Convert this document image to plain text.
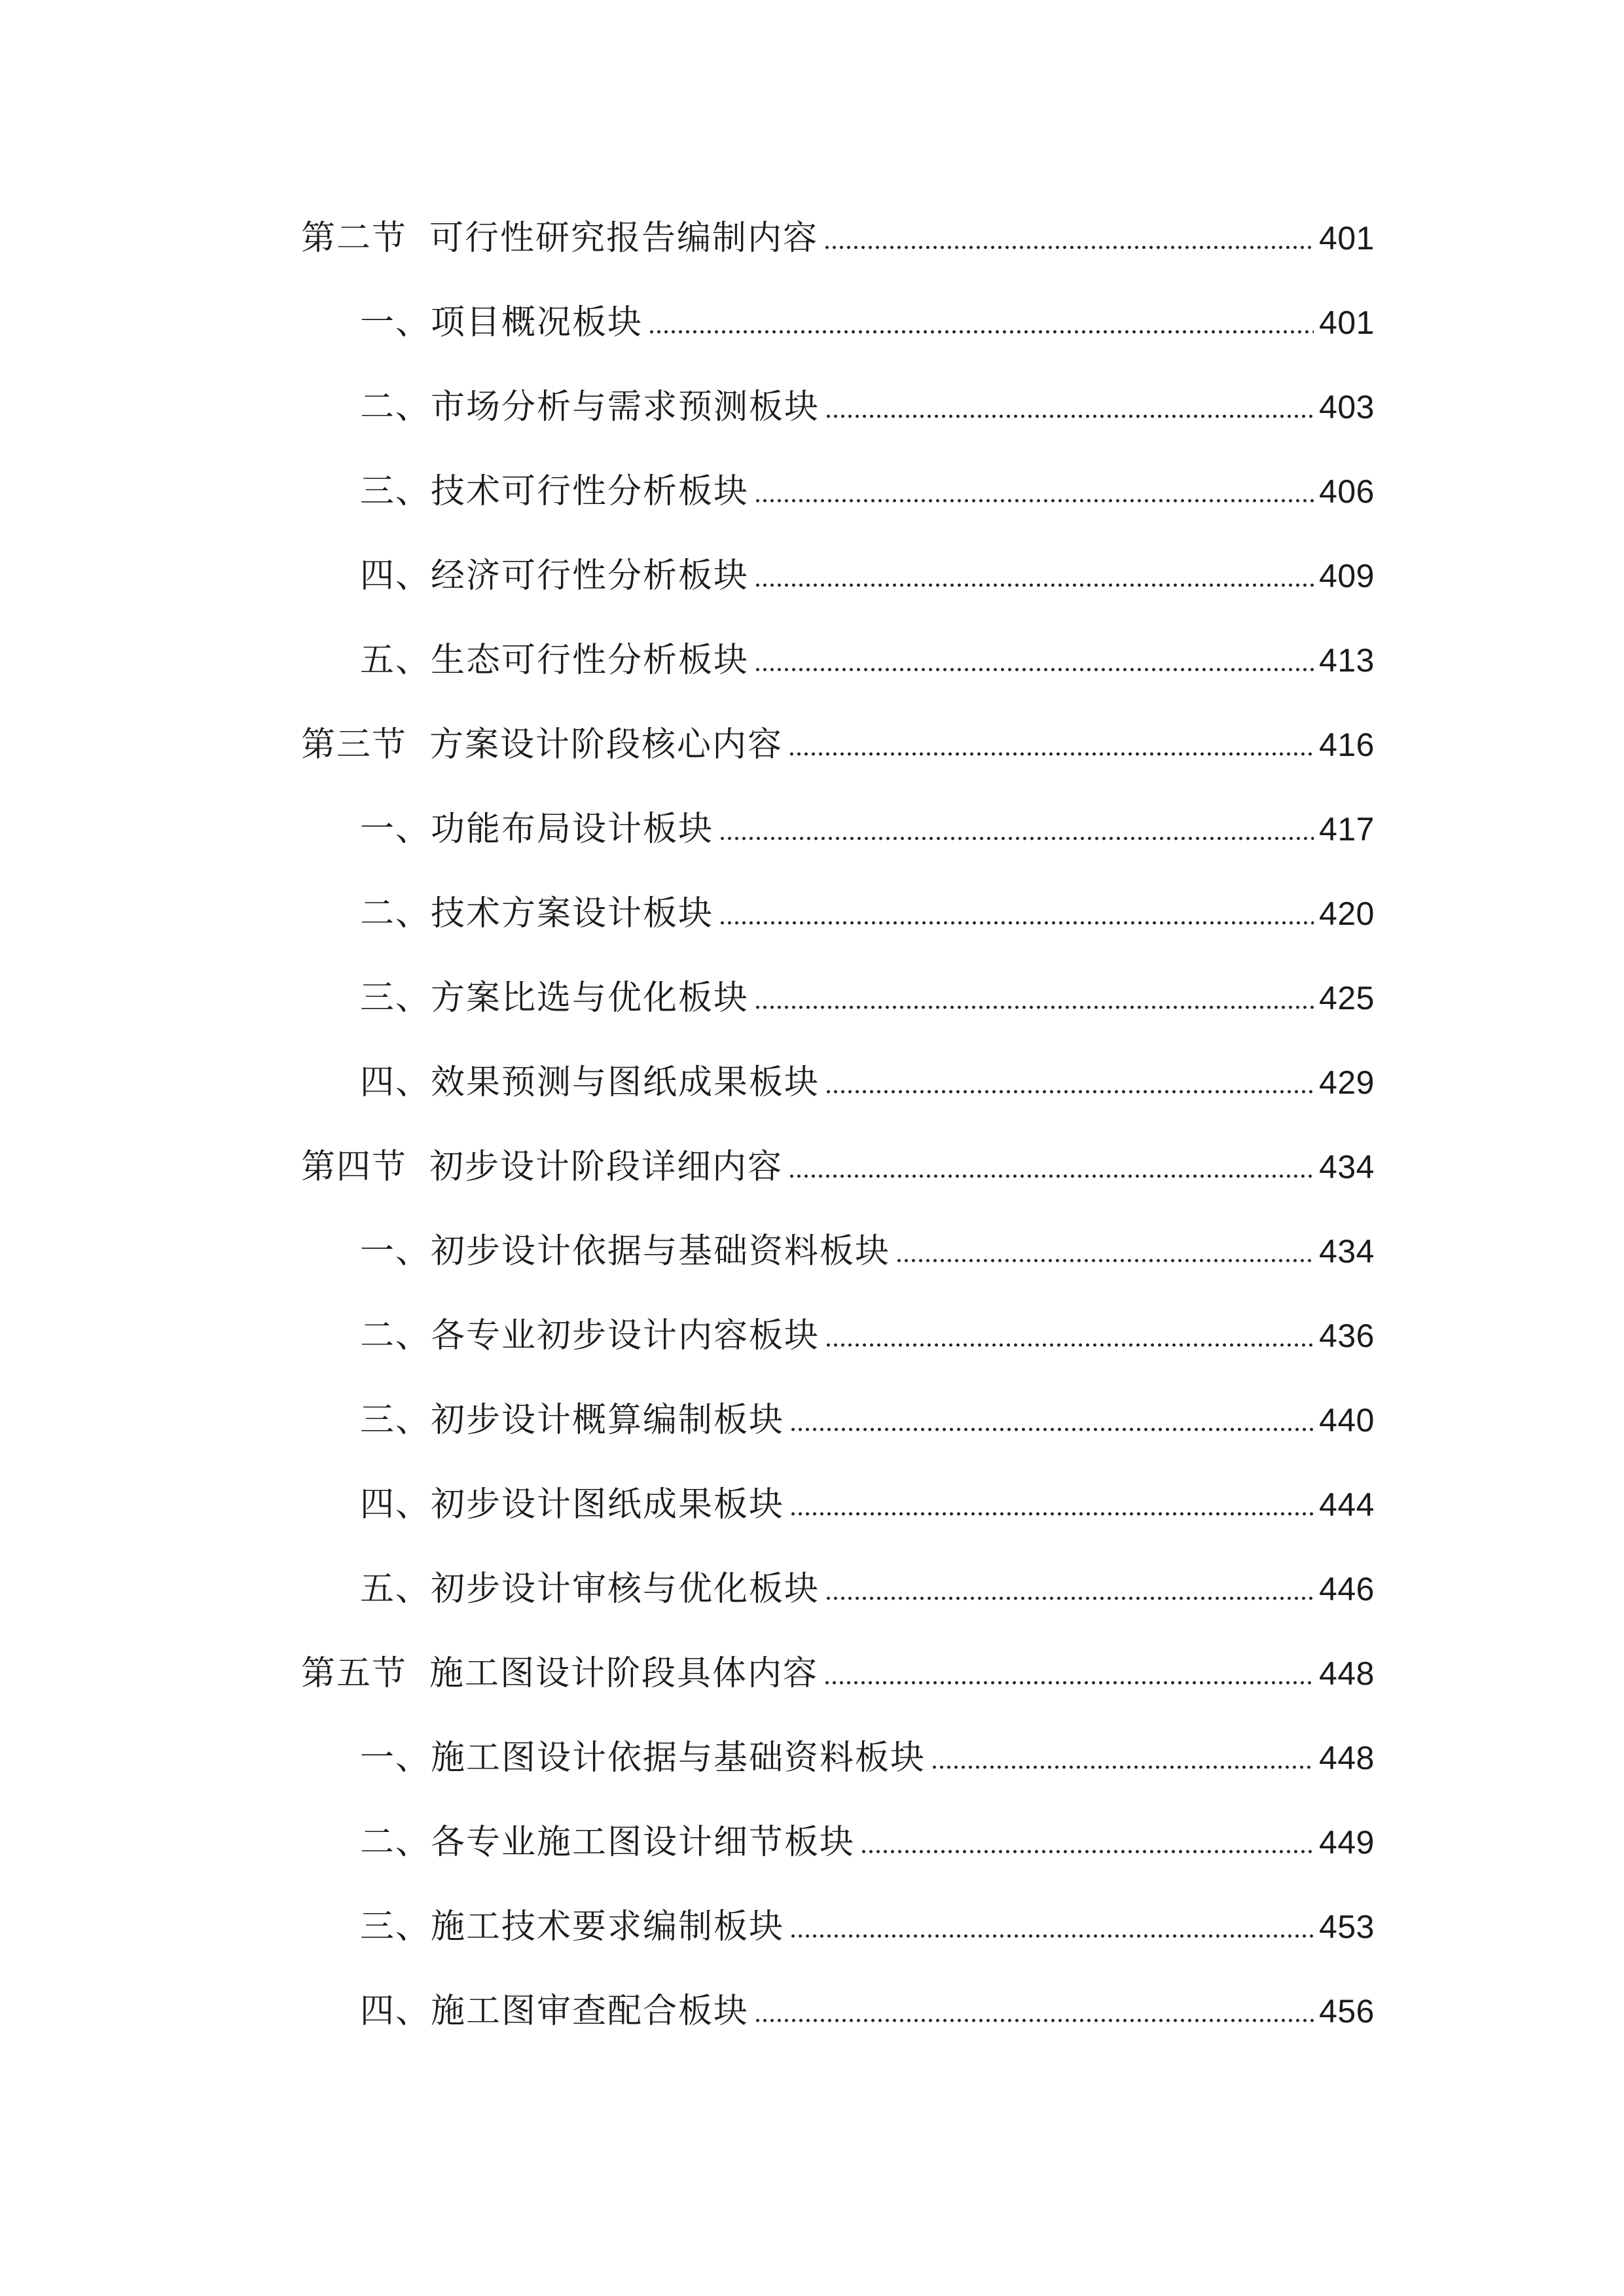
第二节 可行性研究报告编制内容	401
一、项目概况板块	401
二、市场分析与需求预测板块	403
三、技术可行性分析板块	406
四、经济可行性分析板块	409
五、生态可行性分析板块	413
第三节 方案设计阶段核心内容	416
一、功能布局设计板块	417
二、技术方案设计板块	420
三、方案比选与优化板块	425
四、效果预测与图纸成果板块	429
第四节 初步设计阶段详细内容	434
一、初步设计依据与基础资料板块	434
二、各专业初步设计内容板块	436
三、初步设计概算编制板块	440
四、初步设计图纸成果板块	444
五、初步设计审核与优化板块	446
第五节 施工图设计阶段具体内容	448
一、施工图设计依据与基础资料板块	448
二、各专业施工图设计细节板块	449
三、施工技术要求编制板块	453
四、施工图审查配合板块	456
